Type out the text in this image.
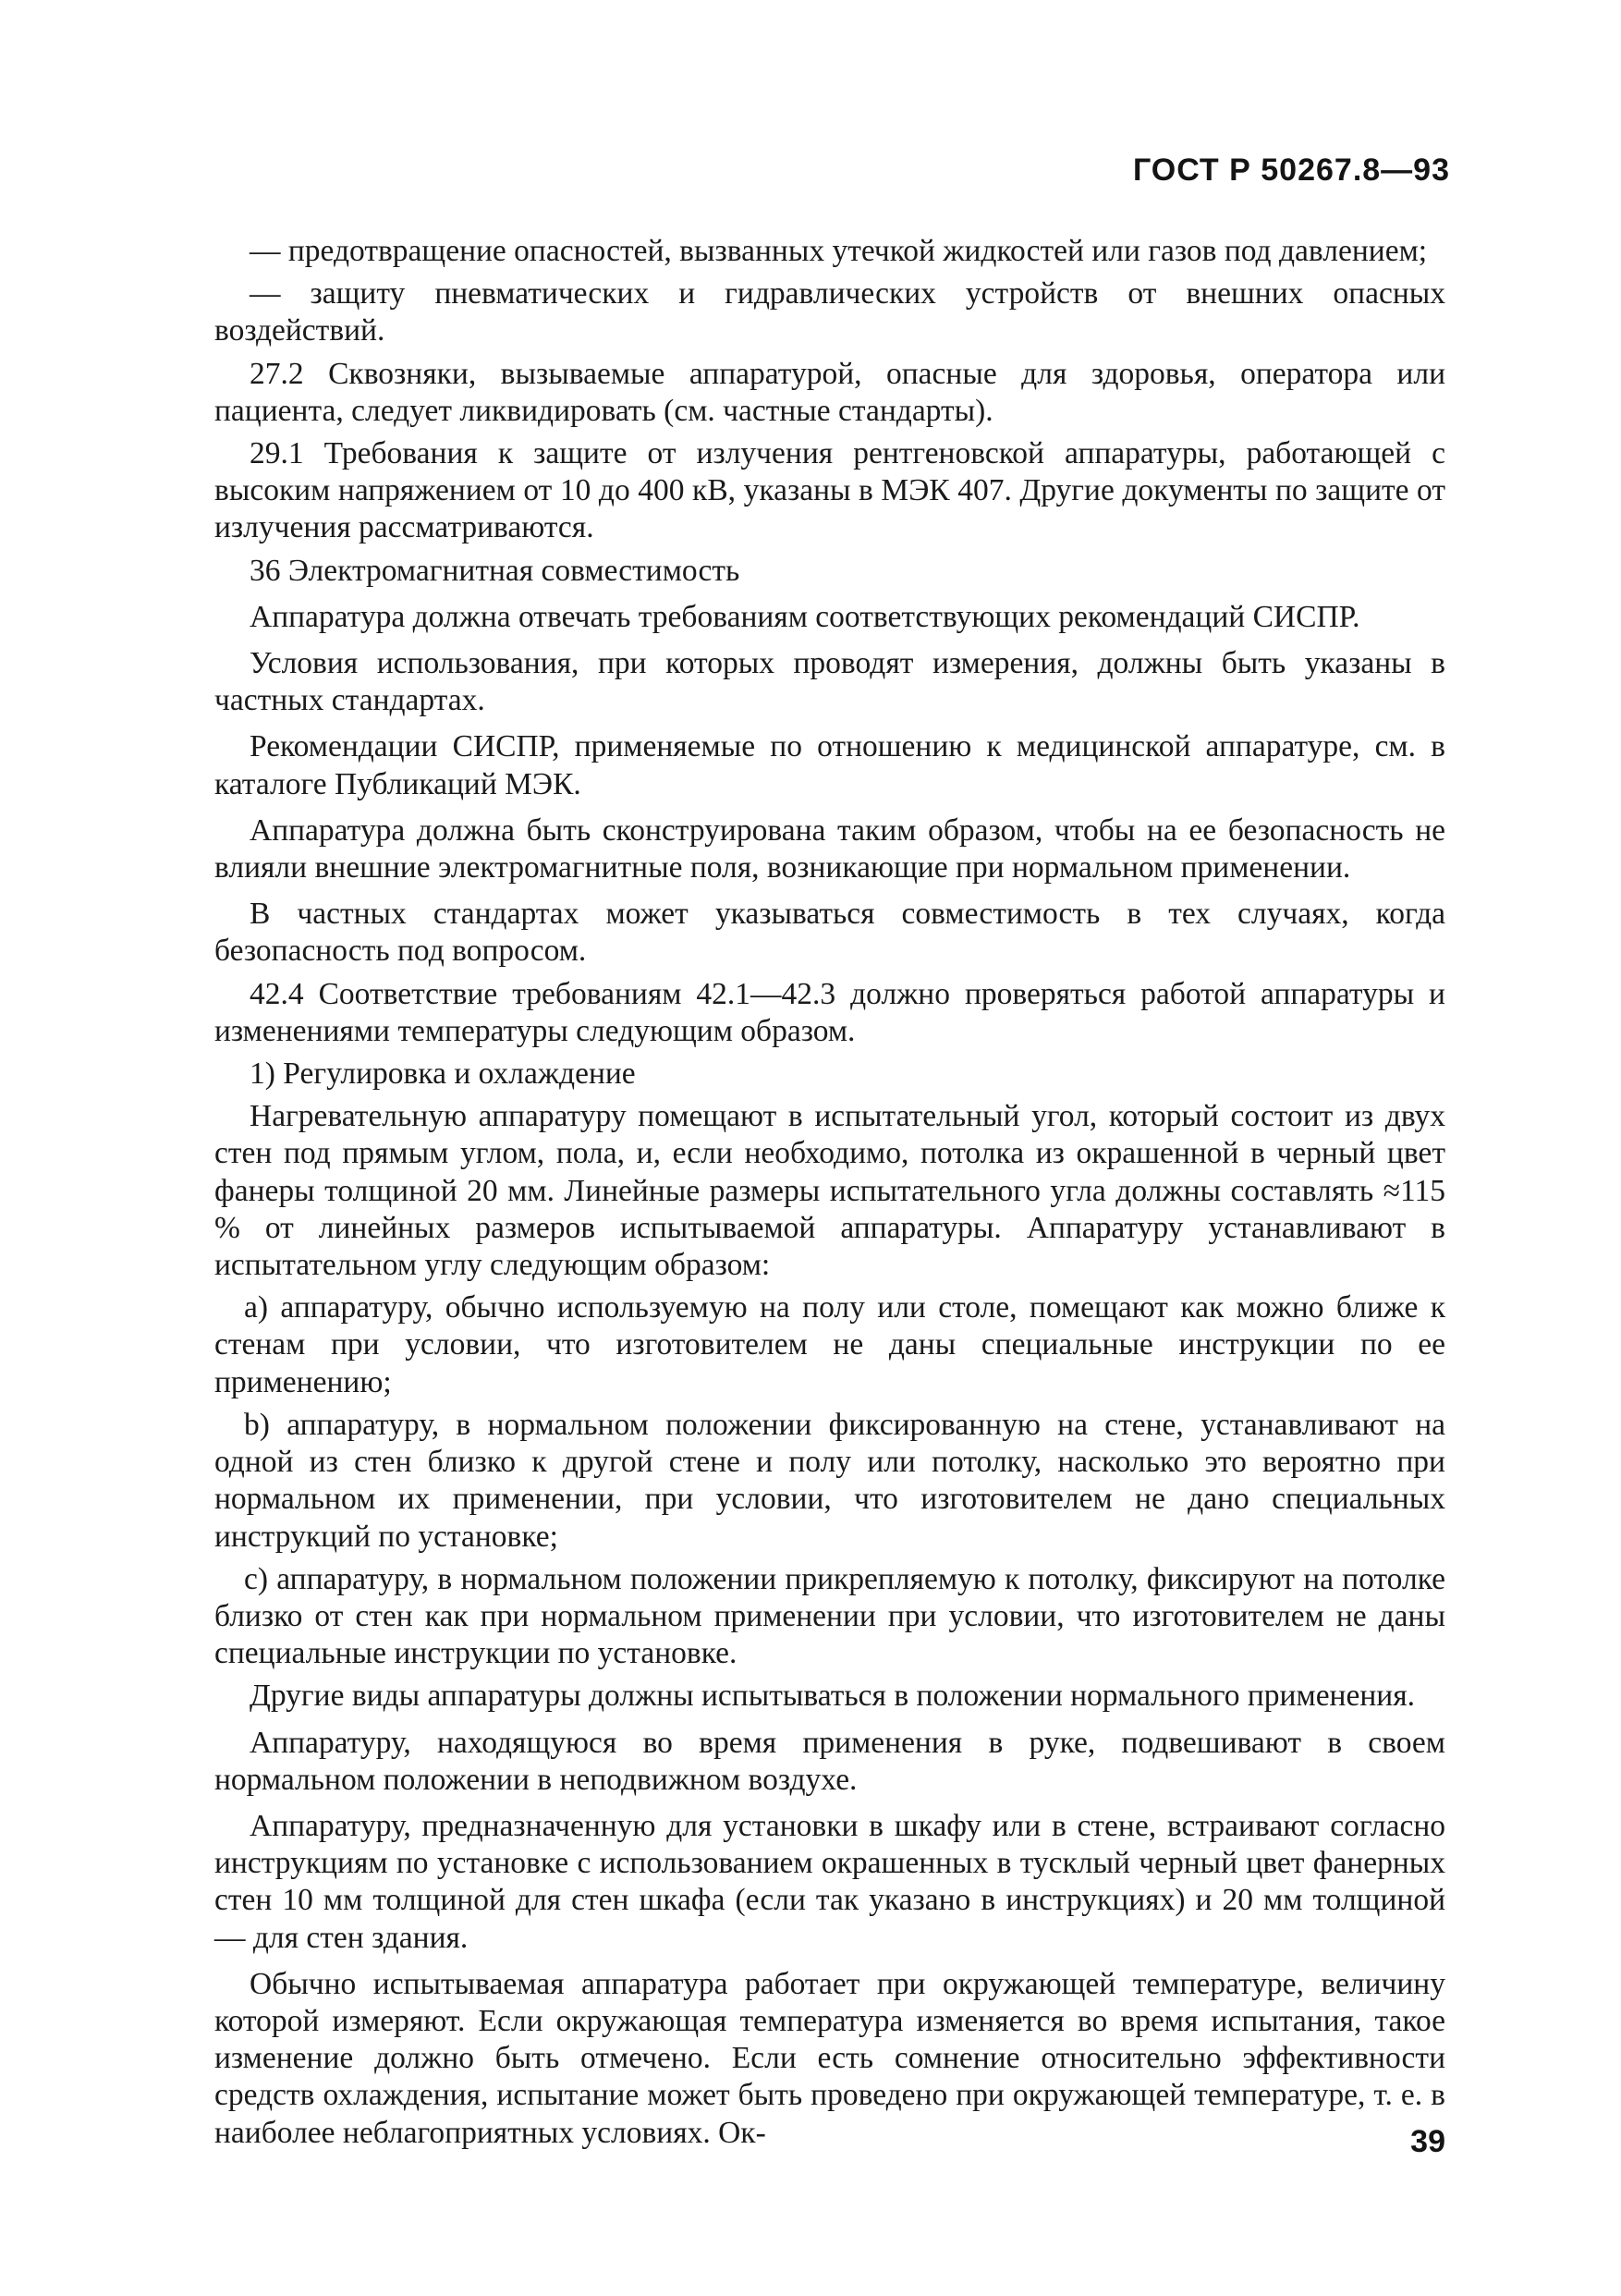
ГОСТ Р 50267.8—93

— предотвращение опасностей, вызванных утечкой жидкостей или газов под давлением;

— защиту пневматических и гидравлических устройств от внешних опасных воздействий.

27.2 Сквозняки, вызываемые аппаратурой, опасные для здоровья, оператора или пациента, следует ликвидировать (см. частные стандарты).

29.1 Требования к защите от излучения рентгеновской аппаратуры, работающей с высоким напряжением от 10 до 400 кВ, указаны в МЭК 407. Другие документы по защите от излучения рассматриваются.

36 Электромагнитная совместимость

Аппаратура должна отвечать требованиям соответствующих рекомендаций СИСПР.

Условия использования, при которых проводят измерения, должны быть указаны в частных стандартах.

Рекомендации СИСПР, применяемые по отношению к медицинской аппаратуре, см. в каталоге Публикаций МЭК.

Аппаратура должна быть сконструирована таким образом, чтобы на ее безопасность не влияли внешние электромагнитные поля, возникающие при нормальном применении.

В частных стандартах может указываться совместимость в тех случаях, когда безопасность под вопросом.

42.4 Соответствие требованиям 42.1—42.3 должно проверяться работой аппаратуры и изменениями температуры следующим образом.

1) Регулировка и охлаждение

Нагревательную аппаратуру помещают в испытательный угол, который состоит из двух стен под прямым углом, пола, и, если необходимо, потолка из окрашенной в черный цвет фанеры толщиной 20 мм. Линейные размеры испытательного угла должны составлять ≈115 % от линейных размеров испытываемой аппаратуры. Аппаратуру устанавливают в испытательном углу следующим образом:

a) аппаратуру, обычно используемую на полу или столе, помещают как можно ближе к стенам при условии, что изготовителем не даны специальные инструкции по ее применению;

b) аппаратуру, в нормальном положении фиксированную на стене, устанавливают на одной из стен близко к другой стене и полу или потолку, насколько это вероятно при нормальном их применении, при условии, что изготовителем не дано специальных инструкций по установке;

c) аппаратуру, в нормальном положении прикрепляемую к потолку, фиксируют на потолке близко от стен как при нормальном применении при условии, что изготовителем не даны специальные инструкции по установке.

Другие виды аппаратуры должны испытываться в положении нормального применения.

Аппаратуру, находящуюся во время применения в руке, подвешивают в своем нормальном положении в неподвижном воздухе.

Аппаратуру, предназначенную для установки в шкафу или в стене, встраивают согласно инструкциям по установке с использованием окрашенных в тусклый черный цвет фанерных стен 10 мм толщиной для стен шкафа (если так указано в инструкциях) и 20 мм толщиной — для стен здания.

Обычно испытываемая аппаратура работает при окружающей температуре, величину которой измеряют. Если окружающая температура изменяется во время испытания, такое изменение должно быть отмечено. Если есть сомнение относительно эффективности средств охлаждения, испытание может быть проведено при окружающей температуре, т. е. в наиболее неблагоприятных условиях. Ок-	39
